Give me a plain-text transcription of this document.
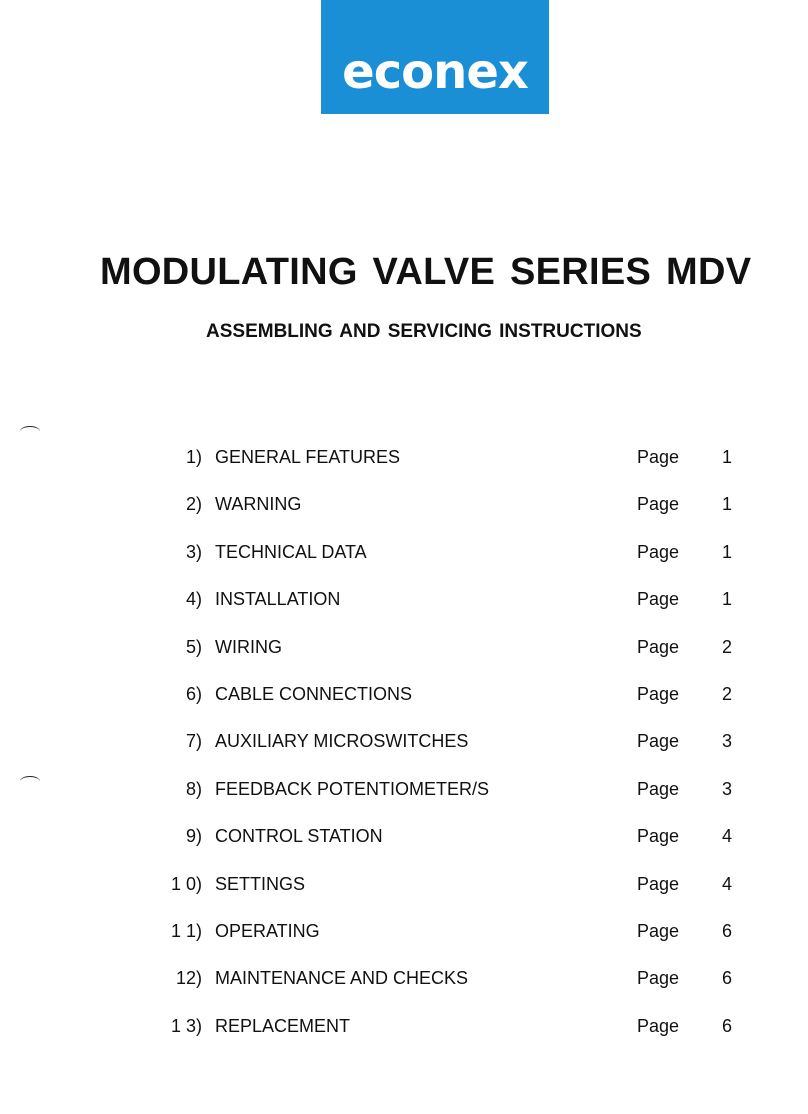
econex
MODULATING VALVE SERIES MDV
ASSEMBLING AND SERVICING INSTRUCTIONS
1) GENERAL FEATURES	Page 1
2) WARNING	Page 1
3) TECHNICAL DATA	Page 1
4) INSTALLATION	Page 1
5) WIRING	Page 2
6) CABLE CONNECTIONS	Page 2
7) AUXILIARY MICROSWITCHES	Page 3
8) FEEDBACK POTENTIOMETER/S	Page 3
9) CONTROL STATION	Page 4
1 0) SETTINGS	Page 4
1 1) OPERATING	Page 6
12) MAINTENANCE AND CHECKS	Page 6
1 3) REPLACEMENT	Page 6
